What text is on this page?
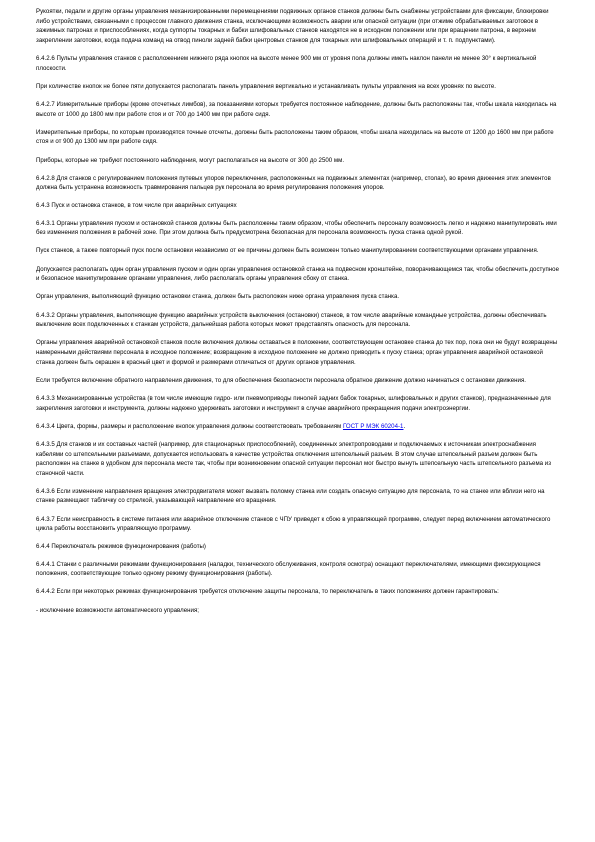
Рукоятки, педали и другие органы управления механизированными перемещениями подвижных органов станков должны быть снабжены устройствами для фиксации, блокировки либо устройствами, связанными с процессом главного движения станка, исключающими возможность аварии или опасной ситуации (при отжиме обрабатываемых заготовок в зажимных патронах и приспособлениях, когда суппорты токарных и бабки шлифовальных станков находятся не в исходном положении или при вращении патрона, в верхнем закреплении заготовки, когда подача команд на отвод пиноли задней бабки центровых станков для токарных или шлифовальных операций и т. п. подпунктами).

6.4.2.6 Пульты управления станков с расположением нижнего ряда кнопок на высоте менее 900 мм от уровня пола должны иметь наклон панели не менее 30° к вертикальной плоскости.

При количестве кнопок не более пяти допускается располагать панель управления вертикально и устанавливать пульты управления на всех уровнях по высоте.

6.4.2.7 Измерительные приборы (кроме отсчетных лимбов), за показаниями которых требуется постоянное наблюдение, должны быть расположены так, чтобы шкала находилась на высоте от 1000 до 1800 мм при работе стоя и от 700 до 1400 мм при работе сидя.

Измерительные приборы, по которым производятся точные отсчеты, должны быть расположены таким образом, чтобы шкала находилась на высоте от 1200 до 1600 мм при работе стоя и от 900 до 1300 мм при работе сидя.

Приборы, которые не требуют постоянного наблюдения, могут располагаться на высоте от 300 до 2500 мм.

6.4.2.8 Для станков с регулированием положения путевых упоров переключения, расположенных на подвижных элементах (например, столах), во время движения этих элементов должна быть устранена возможность травмирования пальцев рук персонала во время регулирования положения упоров.

6.4.3 Пуск и остановка станков, в том числе при аварийных ситуациях

6.4.3.1 Органы управления пуском и остановкой станков должны быть расположены таким образом, чтобы обеспечить персоналу возможность легко и надежно манипулировать ими без изменения положения в рабочей зоне. При этом должна быть предусмотрена безопасная для персонала возможность пуска станка одной рукой.

Пуск станков, а также повторный пуск после остановки независимо от ее причины должен быть возможен только манипулированием соответствующими органами управления.

Допускается располагать один орган управления пуском и один орган управления остановкой станка на подвесном кронштейне, поворачивающемся так, чтобы обеспечить доступное и безопасное манипулирование органами управления, либо располагать органы управления сбоку от станка.

Орган управления, выполняющий функцию остановки станка, должен быть расположен ниже органа управления пуска станка.

6.4.3.2 Органы управления, выполняющие функцию аварийных устройств выключения (остановки) станков, в том числе аварийные командные устройства, должны обеспечивать выключение всех подключенных к станкам устройств, дальнейшая работа которых может представлять опасность для персонала.

Органы управления аварийной остановкой станков после включения должны оставаться в положении, соответствующем остановке станка до тех пор, пока они не будут возвращены намеренными действиями персонала в исходное положение; возвращение в исходное положение не должно приводить к пуску станка; орган управления аварийной остановкой станка должен быть окрашен в красный цвет и формой и размерами отличаться от других органов управления.

Если требуется включение обратного направления движения, то для обеспечения безопасности персонала обратное движение должно начинаться с остановки движения.

6.4.3.3 Механизированные устройства (в том числе имеющие гидро- или пневмоприводы пинолей задних бабок токарных, шлифовальных и других станков), предназначенные для закрепления заготовки и инструмента, должны надежно удерживать заготовки и инструмент в случае аварийного прекращения подачи электроэнергии.

6.4.3.4 Цвета, формы, размеры и расположение кнопок управления должны соответствовать требованиям ГОСТ Р МЭК 60204-1.

6.4.3.5 Для станков и их составных частей (например, для стационарных приспособлений), соединенных электропроводами и подключаемых к источникам электроснабжения кабелями со штепсельными разъемами, допускается использовать в качестве устройства отключения штепсельный разъем. В этом случае штепсельный разъем должен быть расположен на станке в удобном для персонала месте так, чтобы при возникновении опасной ситуации персонал мог быстро вынуть штепсельную часть штепсельного разъема из станочной части.

6.4.3.6 Если изменение направления вращения электродвигателя может вызвать поломку станка или создать опасную ситуацию для персонала, то на станке или вблизи него на станке размещают табличку со стрелкой, указывающей направление его вращения.

6.4.3.7 Если неисправность в системе питания или аварийное отключение станков с ЧПУ приведет к сбою в управляющей программе, следует перед включением автоматического цикла работы восстановить управляющую программу.

6.4.4 Переключатель режимов функционирования (работы)

6.4.4.1 Станки с различными режимами функционирования (наладки, технического обслуживания, контроля осмотра) оснащают переключателями, имеющими фиксирующиеся положения, соответствующие только одному режиму функционирования (работы).

6.4.4.2 Если при некоторых режимах функционирования требуется отключение защиты персонала, то переключатель в таких положениях должен гарантировать:

- исключение возможности автоматического управления;
